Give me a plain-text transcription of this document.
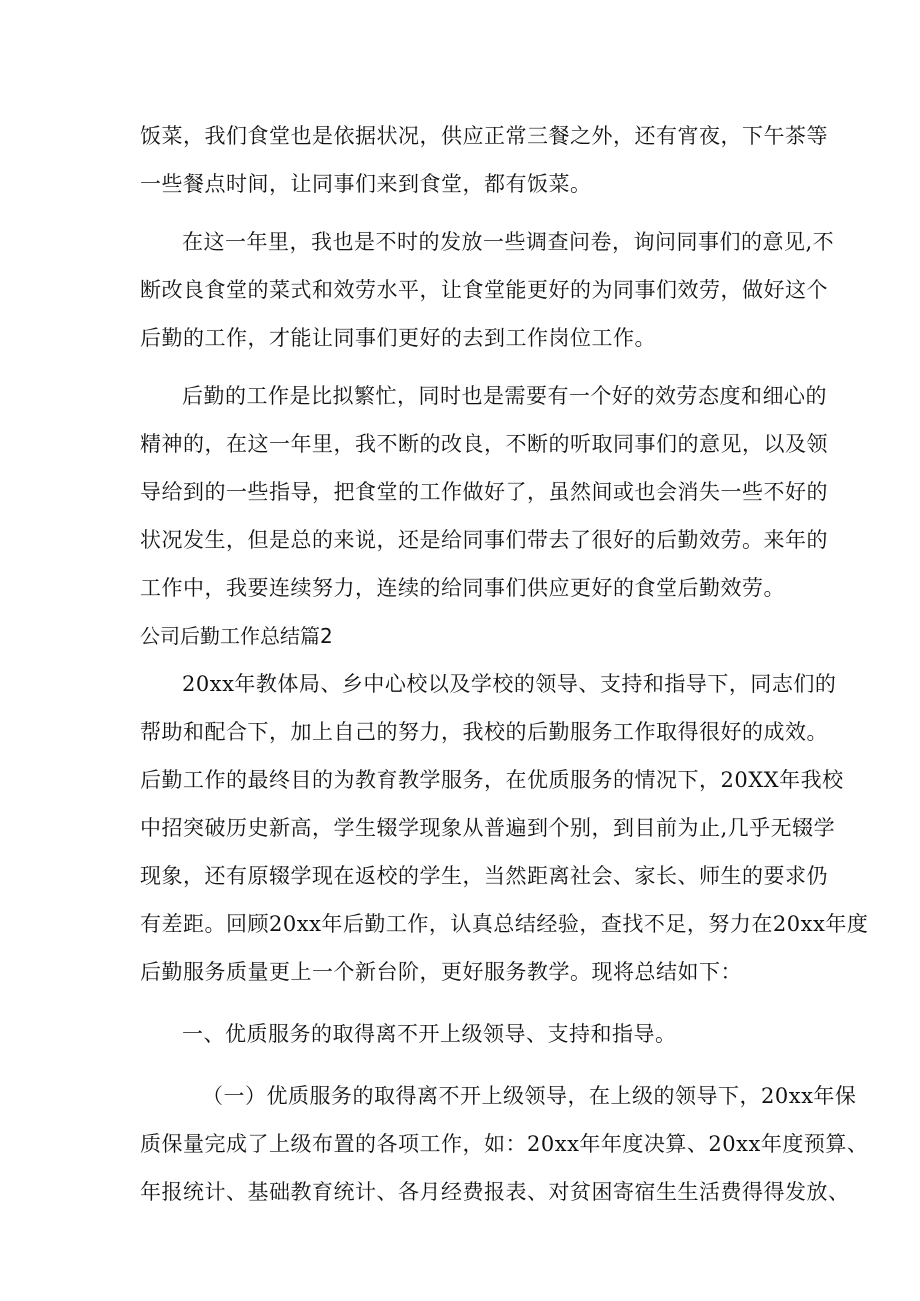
饭菜，我们食堂也是依据状况，供应正常三餐之外，还有宵夜，下午茶等
一些餐点时间，让同事们来到食堂，都有饭菜。
在这一年里，我也是不时的发放一些调查问卷，询问同事们的意见,不
断改良食堂的菜式和效劳水平，让食堂能更好的为同事们效劳，做好这个
后勤的工作，才能让同事们更好的去到工作岗位工作。
后勤的工作是比拟繁忙，同时也是需要有一个好的效劳态度和细心的
精神的，在这一年里，我不断的改良，不断的听取同事们的意见，以及领
导给到的一些指导，把食堂的工作做好了，虽然间或也会消失一些不好的
状况发生，但是总的来说，还是给同事们带去了很好的后勤效劳。来年的
工作中，我要连续努力，连续的给同事们供应更好的食堂后勤效劳。
公司后勤工作总结篇2
20xx年教体局、乡中心校以及学校的领导、支持和指导下，同志们的
帮助和配合下，加上自己的努力，我校的后勤服务工作取得很好的成效。
后勤工作的最终目的为教育教学服务，在优质服务的情况下，20XX年我校
中招突破历史新高，学生辍学现象从普遍到个别，到目前为止,几乎无辍学
现象，还有原辍学现在返校的学生，当然距离社会、家长、师生的要求仍
有差距。回顾20xx年后勤工作，认真总结经验，查找不足，努力在20xx年度
后勤服务质量更上一个新台阶，更好服务教学。现将总结如下：
一、优质服务的取得离不开上级领导、支持和指导。
（一）优质服务的取得离不开上级领导，在上级的领导下，20xx年保
质保量完成了上级布置的各项工作，如：20xx年年度决算、20xx年度预算、
年报统计、基础教育统计、各月经费报表、对贫困寄宿生生活费得得发放、
